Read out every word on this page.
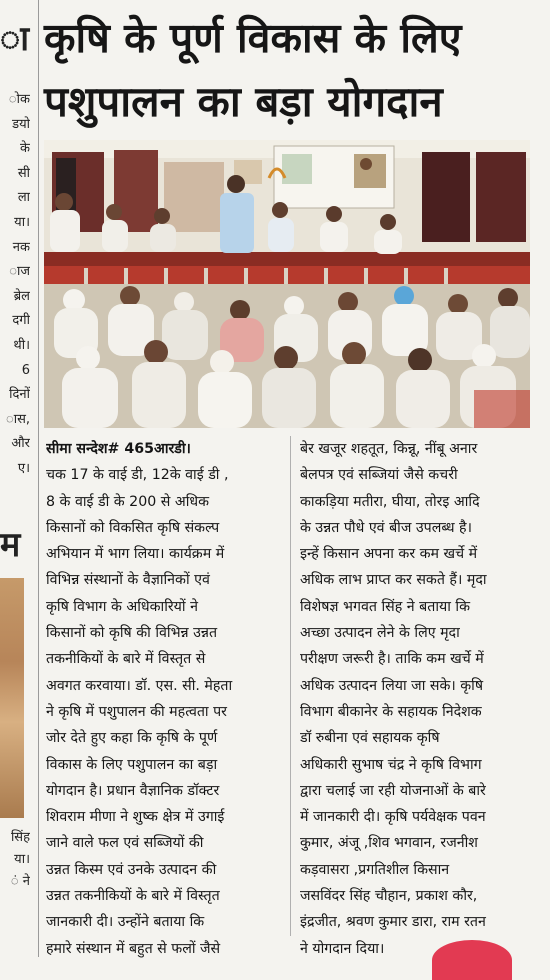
ा
ोक
डयो
के
सी
ला
या।
नक
ाज
ब्रेल
दगी
थी।
6
दिनों
ास,
और
ए।
म
सिंह
या।
ं ने
कृषि के पूर्ण विकास के लिए
पशुपालन का बड़ा योगदान
सीमा सन्देश# 465आरडी।
चक 17 के वाई डी, 12के वाई डी ,
8 के वाई डी के 200 से अधिक
किसानों को विकसित कृषि संकल्प
अभियान में भाग लिया। कार्यक्रम में
विभिन्न संस्थानों के वैज्ञानिकों एवं
कृषि विभाग के अधिकारियों ने
किसानों को कृषि की विभिन्न उन्नत
तकनीकियों के बारे में विस्तृत से
अवगत करवाया। डॉ. एस. सी. मेहता
ने कृषि में पशुपालन की महत्वता पर
जोर देते हुए कहा कि कृषि के पूर्ण
विकास के लिए पशुपालन का बड़ा
योगदान है। प्रधान वैज्ञानिक डॉक्टर
शिवराम मीणा ने शुष्क क्षेत्र में उगाई
जाने वाले फल एवं सब्जियों की
उन्नत किस्म एवं उनके उत्पादन की
उन्नत तकनीकियों के बारे में विस्तृत
जानकारी दी। उन्होंने बताया कि
हमारे संस्थान में बहुत से फलों जैसे
बेर खजूर शहतूत, किन्नू, नींबू अनार
बेलपत्र एवं सब्जियां जैसे कचरी
काकड़िया मतीरा, घीया, तोरइ आदि
के उन्नत पौधे एवं बीज उपलब्ध है।
इन्हें किसान अपना कर कम खर्चे में
अधिक लाभ प्राप्त कर सकते हैं। मृदा
विशेषज्ञ भगवत सिंह ने बताया कि
अच्छा उत्पादन लेने के लिए मृदा
परीक्षण जरूरी है। ताकि कम खर्चे में
अधिक उत्पादन लिया जा सके। कृषि
विभाग बीकानेर के सहायक निदेशक
डॉ रुबीना एवं सहायक कृषि
अधिकारी सुभाष चंद्र ने कृषि विभाग
द्वारा चलाई जा रही योजनाओं के बारे
में जानकारी दी। कृषि पर्यवेक्षक पवन
कुमार, अंजू ,शिव भगवान, रजनीश
कड़वासरा ,प्रगतिशील किसान
जसविंदर सिंह चौहान, प्रकाश कौर,
इंद्रजीत, श्रवण कुमार डारा, राम रतन
ने योगदान दिया।
